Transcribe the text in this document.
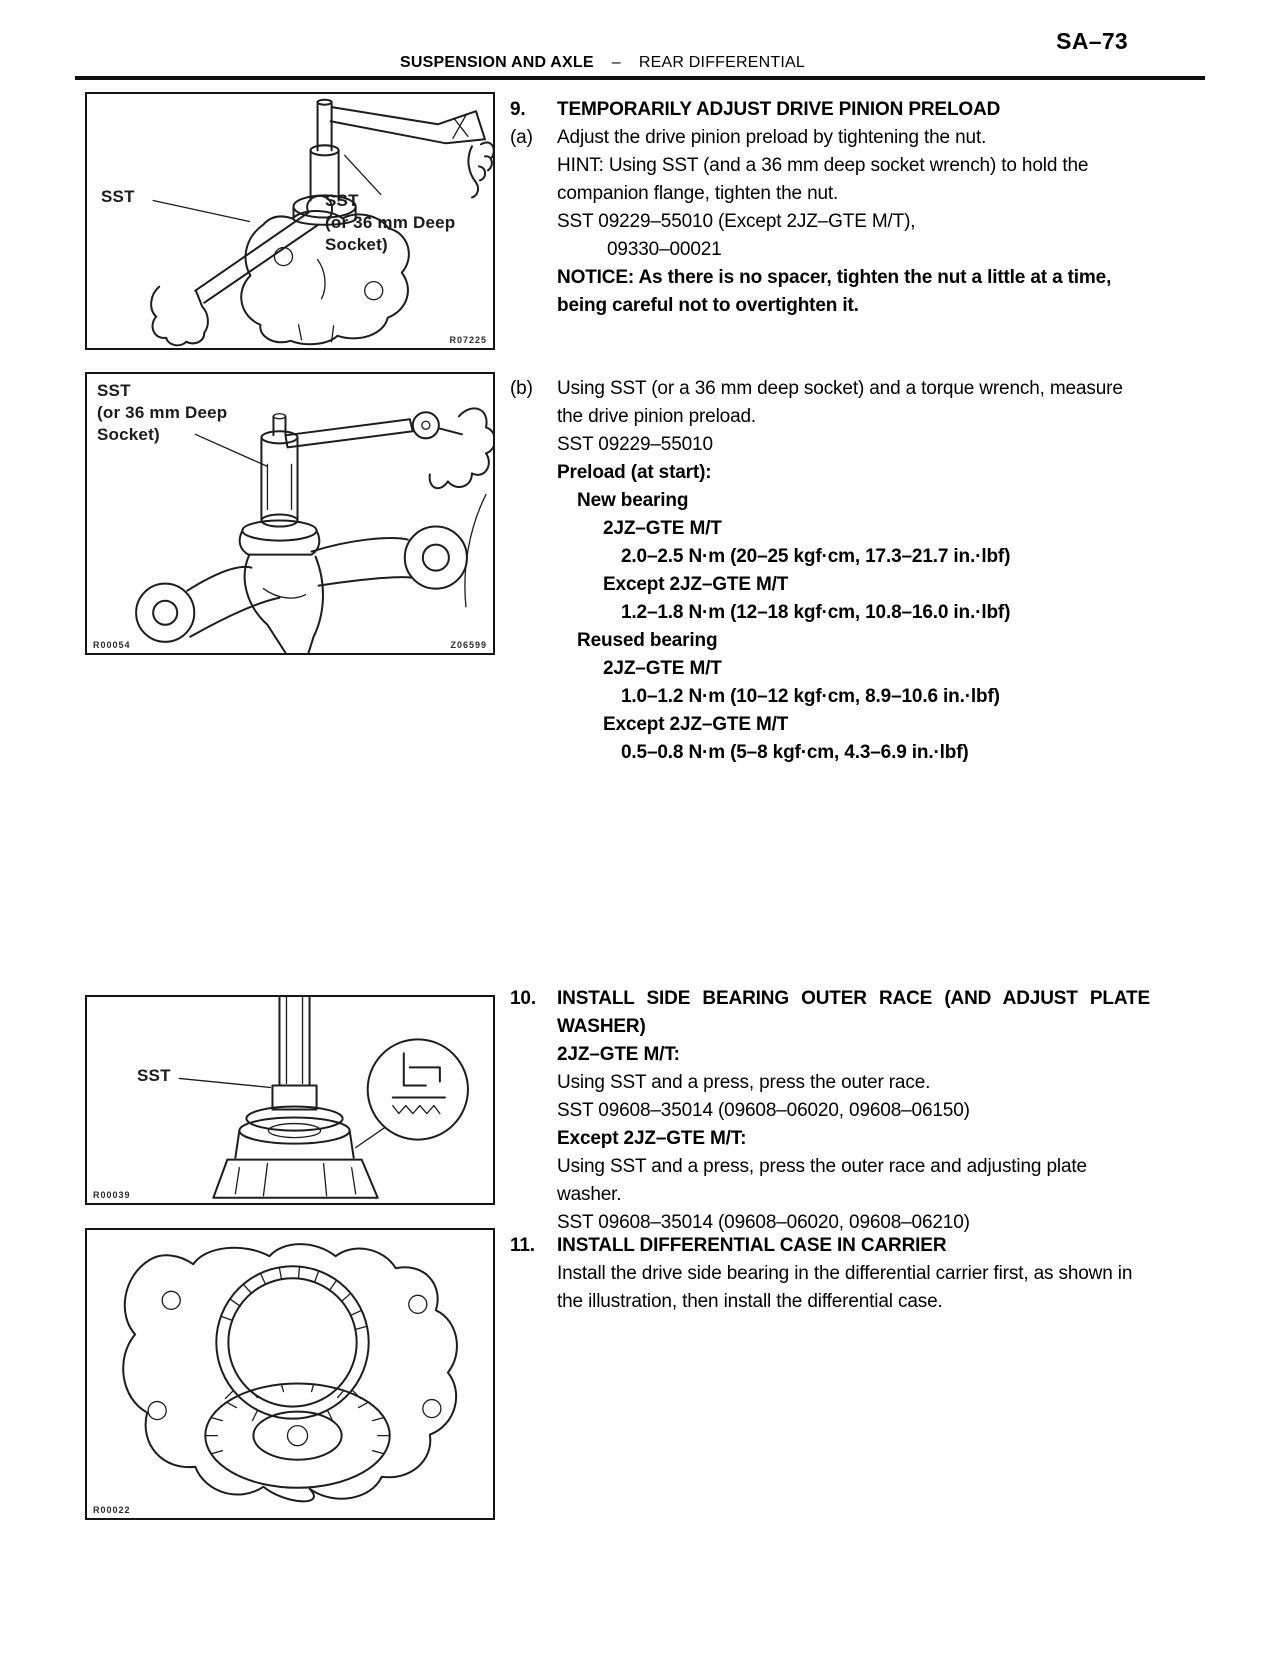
SA–73
SUSPENSION AND AXLE – REAR DIFFERENTIAL
SST	SST
(or 36 mm Deep
Socket)
R07225
9.	TEMPORARILY ADJUST DRIVE PINION PRELOAD
(a)	Adjust the drive pinion preload by tightening the nut.
HINT: Using SST (and a 36 mm deep socket wrench) to hold the companion flange, tighten the nut.
SST 09229–55010 (Except 2JZ–GTE M/T),
09330–00021
NOTICE: As there is no spacer, tighten the nut a little at a time, being careful not to overtighten it.
SST
(or 36 mm Deep
Socket)
R00054	Z06599
(b)	Using SST (or a 36 mm deep socket) and a torque wrench, measure the drive pinion preload.
SST 09229–55010
Preload (at start):
New bearing
2JZ–GTE M/T
2.0–2.5 N·m (20–25 kgf·cm, 17.3–21.7 in.·lbf)
Except 2JZ–GTE M/T
1.2–1.8 N·m (12–18 kgf·cm, 10.8–16.0 in.·lbf)
Reused bearing
2JZ–GTE M/T
1.0–1.2 N·m (10–12 kgf·cm, 8.9–10.6 in.·lbf)
Except 2JZ–GTE M/T
0.5–0.8 N·m (5–8 kgf·cm, 4.3–6.9 in.·lbf)
SST
R00039
10.	INSTALL SIDE BEARING OUTER RACE (AND ADJUST PLATE WASHER)
2JZ–GTE M/T:
Using SST and a press, press the outer race.
SST 09608–35014 (09608–06020, 09608–06150)
Except 2JZ–GTE M/T:
Using SST and a press, press the outer race and adjusting plate washer.
SST 09608–35014 (09608–06020, 09608–06210)
R00022
11.	INSTALL DIFFERENTIAL CASE IN CARRIER
Install the drive side bearing in the differential carrier first, as shown in the illustration, then install the differential case.
